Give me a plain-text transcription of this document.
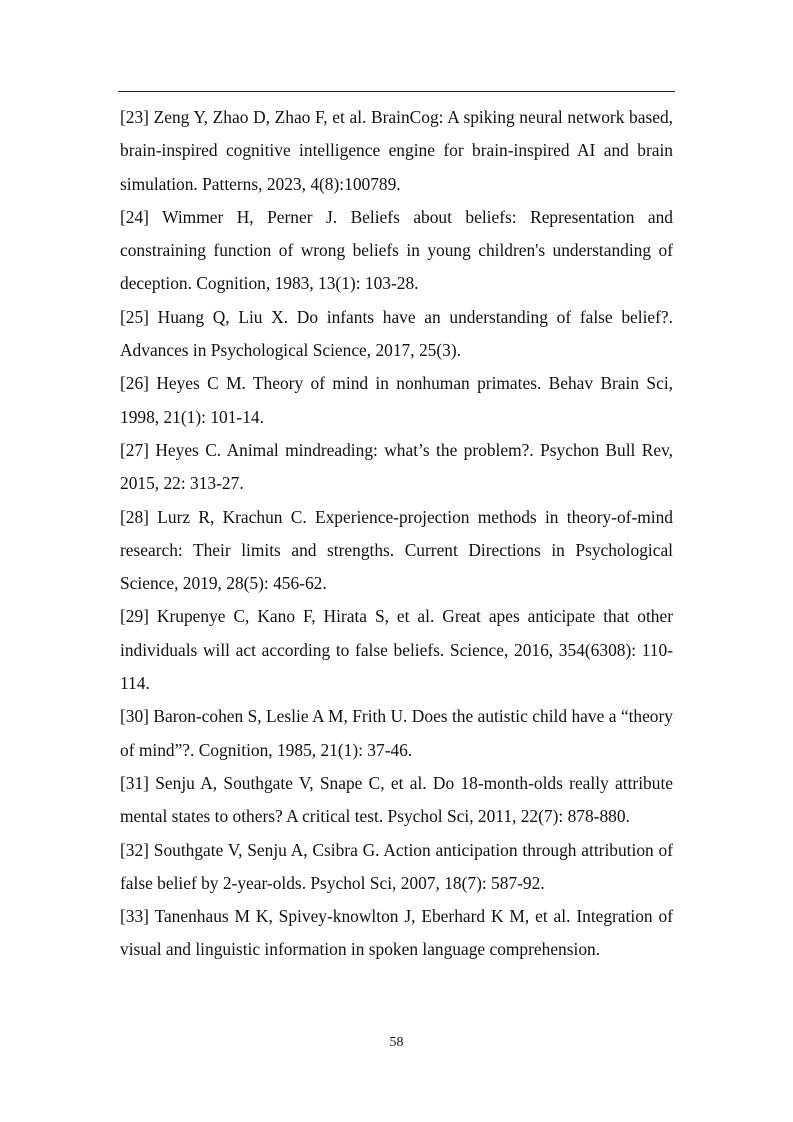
[23] Zeng Y, Zhao D, Zhao F, et al. BrainCog: A spiking neural network based, brain-inspired cognitive intelligence engine for brain-inspired AI and brain simulation. Patterns, 2023, 4(8):100789.

[24] Wimmer H, Perner J. Beliefs about beliefs: Representation and constraining function of wrong beliefs in young children's understanding of deception. Cognition, 1983, 13(1): 103-28.

[25] Huang Q, Liu X. Do infants have an understanding of false belief?. Advances in Psychological Science, 2017, 25(3).

[26] Heyes C M. Theory of mind in nonhuman primates. Behav Brain Sci, 1998, 21(1): 101-14.

[27] Heyes C. Animal mindreading: what’s the problem?. Psychon Bull Rev, 2015, 22: 313-27.

[28] Lurz R, Krachun C. Experience-projection methods in theory-of-mind research: Their limits and strengths. Current Directions in Psychological Science, 2019, 28(5): 456-62.

[29] Krupenye C, Kano F, Hirata S, et al. Great apes anticipate that other individuals will act according to false beliefs. Science, 2016, 354(6308): 110-114.

[30] Baron-cohen S, Leslie A M, Frith U. Does the autistic child have a “theory of mind”?. Cognition, 1985, 21(1): 37-46.

[31] Senju A, Southgate V, Snape C, et al. Do 18-month-olds really attribute mental states to others? A critical test. Psychol Sci, 2011, 22(7): 878-880.

[32] Southgate V, Senju A, Csibra G. Action anticipation through attribution of false belief by 2-year-olds. Psychol Sci, 2007, 18(7): 587-92.

[33] Tanenhaus M K, Spivey-knowlton J, Eberhard K M, et al. Integration of visual and linguistic information in spoken language comprehension.

58
